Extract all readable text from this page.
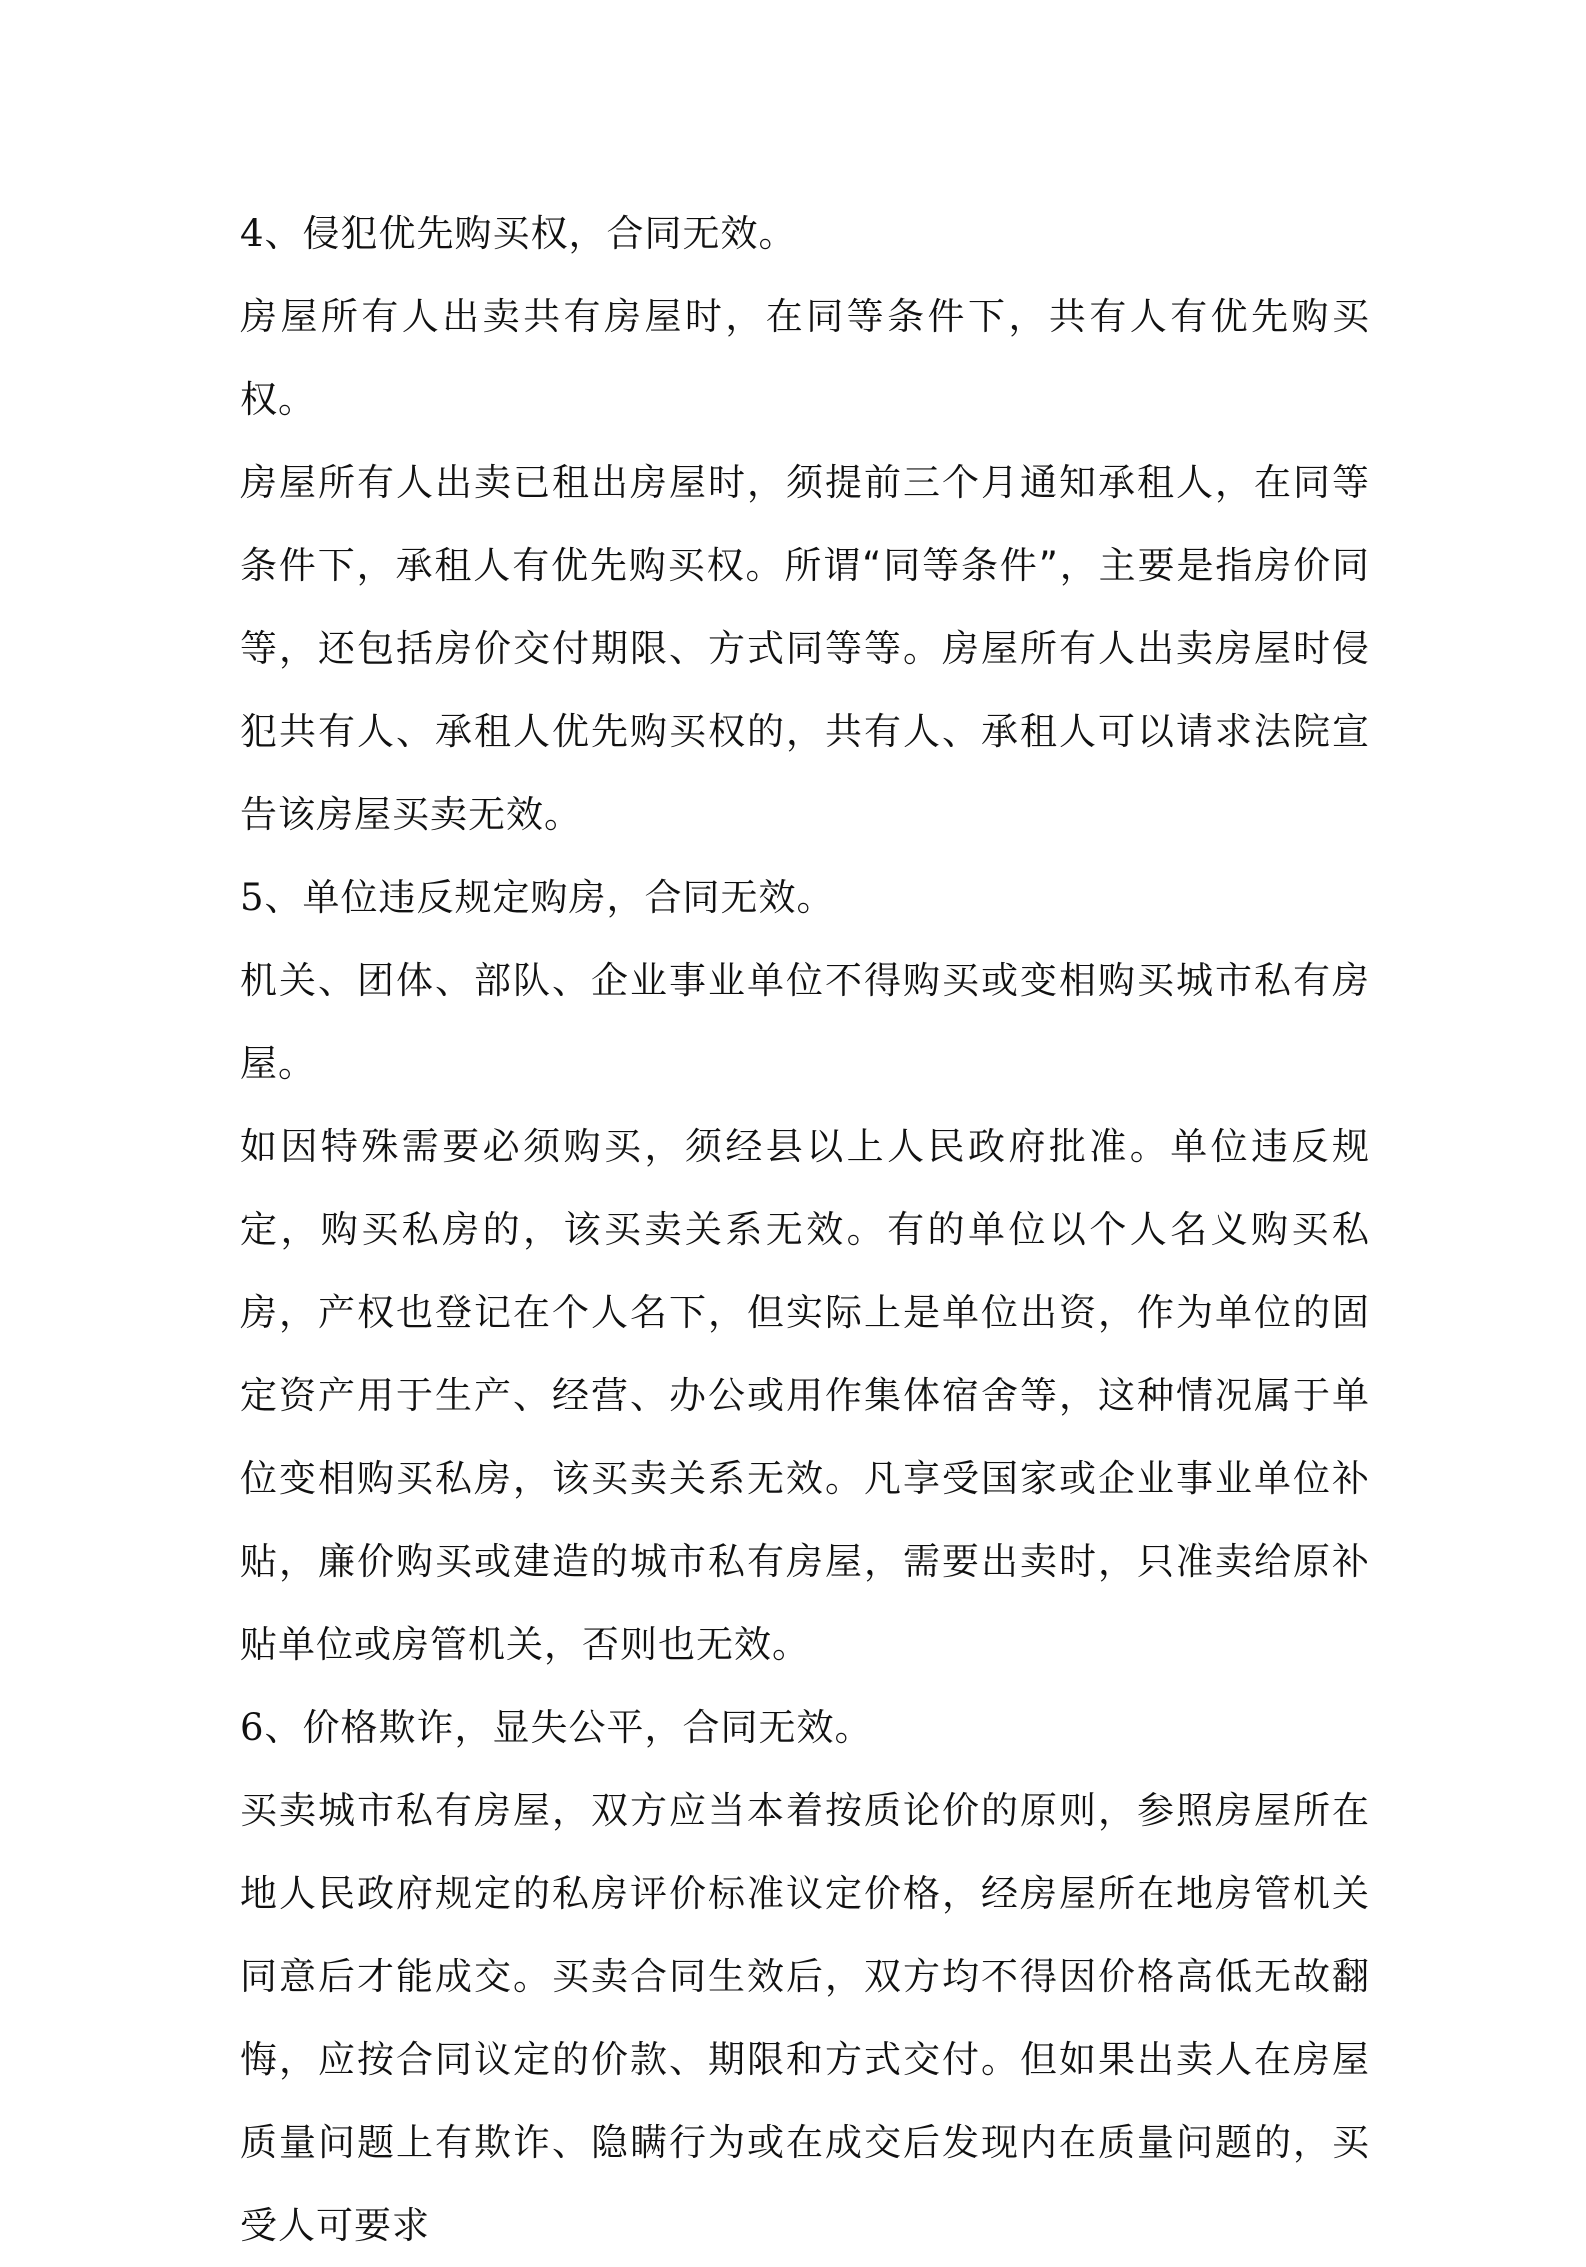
4、侵犯优先购买权，合同无效。

房屋所有人出卖共有房屋时，在同等条件下，共有人有优先购买权。

房屋所有人出卖已租出房屋时，须提前三个月通知承租人，在同等条件下，承租人有优先购买权。所谓“同等条件”，主要是指房价同等，还包括房价交付期限、方式同等等。房屋所有人出卖房屋时侵犯共有人、承租人优先购买权的，共有人、承租人可以请求法院宣告该房屋买卖无效。

5、单位违反规定购房，合同无效。

机关、团体、部队、企业事业单位不得购买或变相购买城市私有房屋。

如因特殊需要必须购买，须经县以上人民政府批准。单位违反规定，购买私房的，该买卖关系无效。有的单位以个人名义购买私房，产权也登记在个人名下，但实际上是单位出资，作为单位的固定资产用于生产、经营、办公或用作集体宿舍等，这种情况属于单位变相购买私房，该买卖关系无效。凡享受国家或企业事业单位补贴，廉价购买或建造的城市私有房屋，需要出卖时，只准卖给原补贴单位或房管机关，否则也无效。

6、价格欺诈，显失公平，合同无效。

买卖城市私有房屋，双方应当本着按质论价的原则，参照房屋所在地人民政府规定的私房评价标准议定价格，经房屋所在地房管机关同意后才能成交。买卖合同生效后，双方均不得因价格高低无故翻悔，应按合同议定的价款、期限和方式交付。但如果出卖人在房屋质量问题上有欺诈、隐瞒行为或在成交后发现内在质量问题的，买受人可要求
